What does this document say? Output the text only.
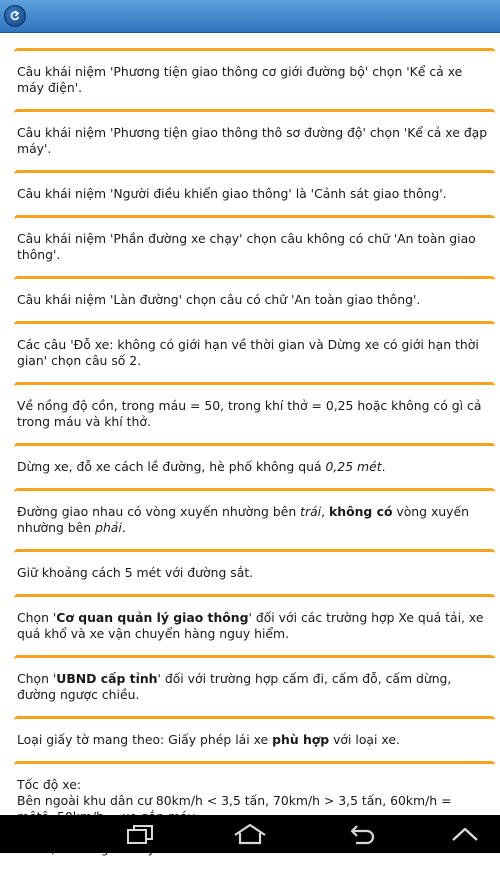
Câu khái niệm 'Phương tiện giao thông cơ giới đường bộ' chọn 'Kể cả xe máy điện'.
Câu khái niệm 'Phương tiện giao thông thô sơ đường độ' chọn 'Kể cả xe đạp máy'.
Câu khái niệm 'Người điều khiển giao thông' là 'Cảnh sát giao thông'.
Câu khái niệm 'Phần đường xe chạy' chọn câu không có chữ 'An toàn giao thông'.
Câu khái niệm 'Làn đường' chọn câu có chữ 'An toàn giao thông'.
Các câu 'Đỗ xe: không có giới hạn về thời gian và Dừng xe có giới hạn thời gian' chọn câu số 2.
Về nồng độ cồn, trong máu = 50, trong khí thở = 0,25 hoặc không có gì cả trong máu và khí thở.
Dừng xe, đỗ xe cách lề đường, hè phố không quá 0,25 mét.
Đường giao nhau có vòng xuyến nhường bên trái, không có vòng xuyến nhường bên phải.
Giữ khoảng cách 5 mét với đường sắt.
Chọn 'Cơ quan quản lý giao thông' đối với các trường hợp Xe quá tải, xe quá khổ và xe vận chuyển hàng nguy hiểm.
Chọn 'UBND cấp tỉnh' đối với trường hợp cấm đi, cấm đỗ, cấm dừng, đường ngược chiều.
Loại giấy tờ mang theo: Giấy phép lái xe phù hợp với loại xe.
Tốc độ xe:
Bên ngoài khu dân cư 80km/h < 3,5 tấn, 70km/h > 3,5 tấn, 60km/h =
